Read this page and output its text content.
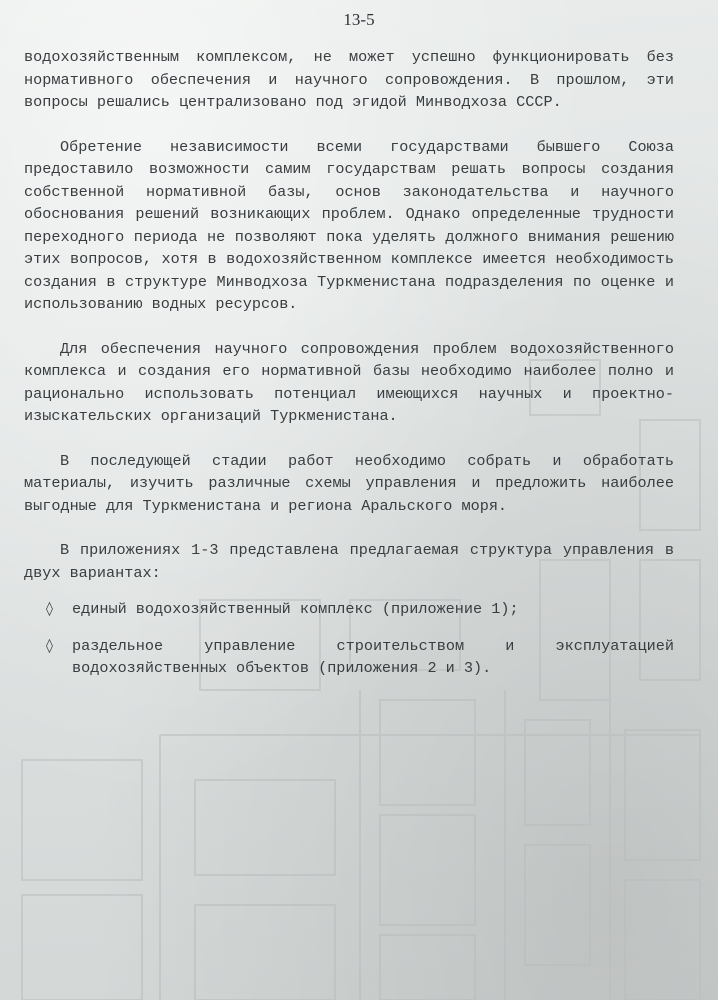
13-5

водохозяйственным комплексом, не может успешно функционировать без нормативного обеспечения и научного сопровождения. В прошлом, эти вопросы решались централизовано под эгидой Минводхоза СССР.

Обретение независимости всеми государствами бывшего Союза предоставило возможности самим государствам решать вопросы создания собственной нормативной базы, основ законодательства и научного обоснования решений возникающих проблем. Однако определенные трудности переходного периода не позволяют пока уделять должного внимания решению этих вопросов, хотя в водохозяйственном комплексе имеется необходимость создания в структуре Минводхоза Туркменистана подразделения по оценке и использованию водных ресурсов.

Для обеспечения научного сопровождения проблем водохозяйственного комплекса и создания его нормативной базы необходимо наиболее полно и рационально использовать потенциал имеющихся научных и проектно-изыскательских организаций Туркменистана.

В последующей стадии работ необходимо собрать и обработать материалы, изучить различные схемы управления и предложить наиболее выгодные для Туркменистана и региона Аральского моря.

В приложениях 1-3 представлена предлагаемая структура управления в двух вариантах:

◊	единый водохозяйственный комплекс (приложение 1);
◊	раздельное управление строительством и эксплуатацией водохозяйственных объектов (приложения 2 и 3).
